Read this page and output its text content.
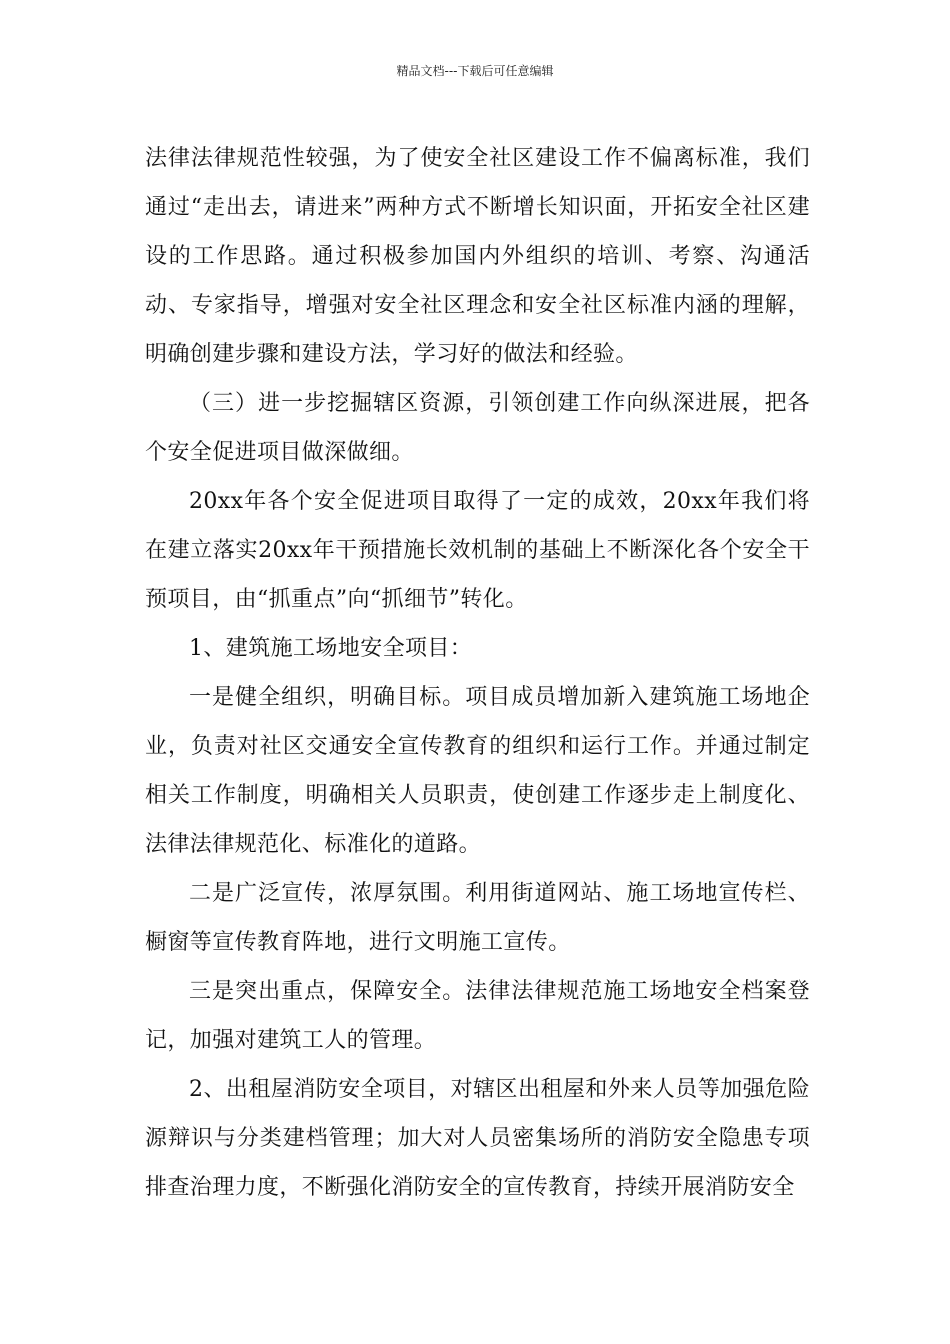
精品文档---下载后可任意编辑

法律法律规范性较强，为了使安全社区建设工作不偏离标准，我们通过“走出去，请进来”两种方式不断增长知识面，开拓安全社区建设的工作思路。通过积极参加国内外组织的培训、考察、沟通活动、专家指导，增强对安全社区理念和安全社区标准内涵的理解，明确创建步骤和建设方法，学习好的做法和经验。

（三）进一步挖掘辖区资源，引领创建工作向纵深进展，把各个安全促进项目做深做细。

20xx年各个安全促进项目取得了一定的成效，20xx年我们将在建立落实20xx年干预措施长效机制的基础上不断深化各个安全干预项目，由“抓重点”向“抓细节”转化。

1、建筑施工场地安全项目：

一是健全组织，明确目标。项目成员增加新入建筑施工场地企业，负责对社区交通安全宣传教育的组织和运行工作。并通过制定相关工作制度，明确相关人员职责，使创建工作逐步走上制度化、法律法律规范化、标准化的道路。

二是广泛宣传，浓厚氛围。利用街道网站、施工场地宣传栏、橱窗等宣传教育阵地，进行文明施工宣传。

三是突出重点，保障安全。法律法律规范施工场地安全档案登记，加强对建筑工人的管理。

2、出租屋消防安全项目，对辖区出租屋和外来人员等加强危险源辩识与分类建档管理；加大对人员密集场所的消防安全隐患专项排查治理力度，不断强化消防安全的宣传教育，持续开展消防安全
